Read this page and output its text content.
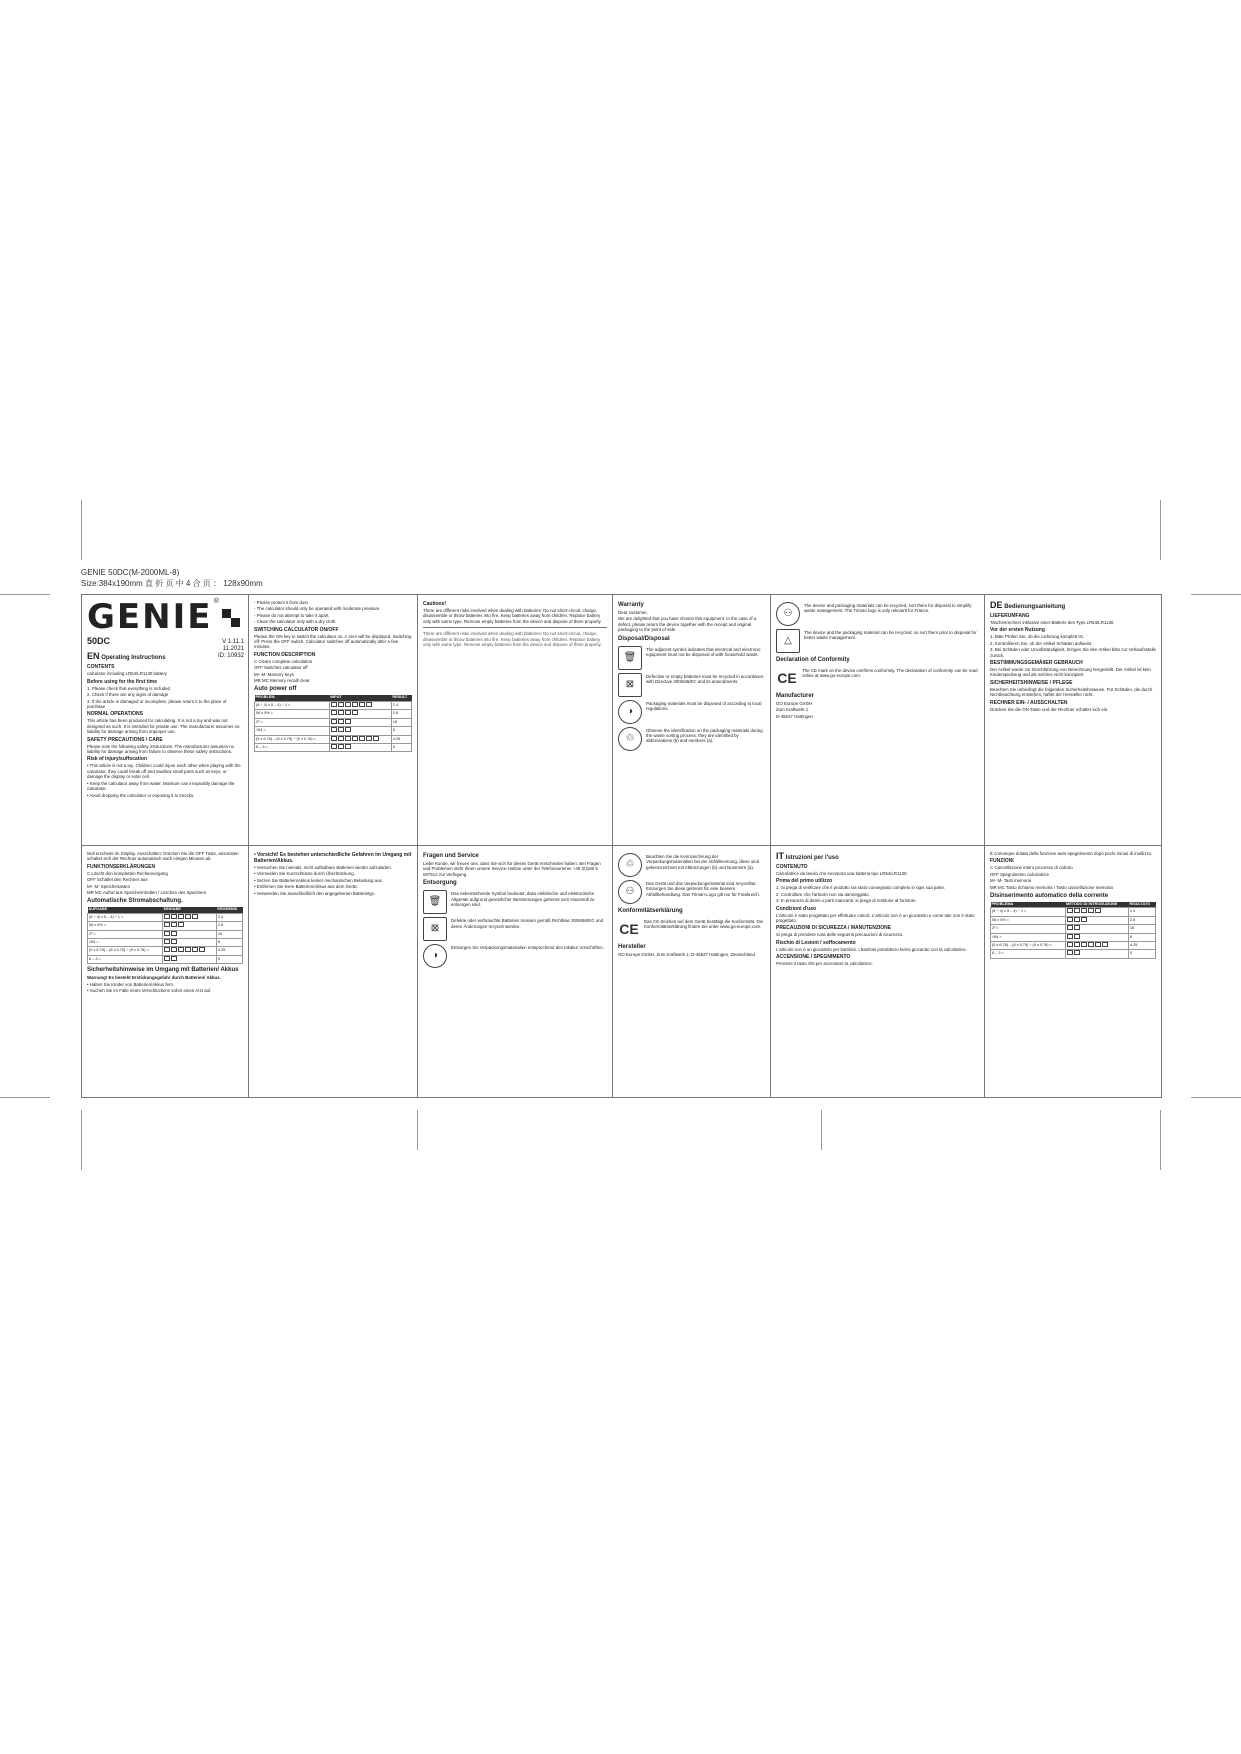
GENIE 50DC(M-2000ML-8)
Size:384x190mm 直 折 页 中 4 合 页 ： 128x90mm
GENIE ®
50DC	V 1.11.1
11.2021
ID: 10932
EN Operating Instructions
CONTENTS
calculator including LR54/LR1130 battery
Before using for the first time
1. Please check that everything is included
2. Check if there are any signs of damage
3. If the article is damaged or incomplete, please return it to the place of purchase
NORMAL OPERATIONS
This article has been produced for calculating. It is not a toy and was not designed as such. It is intended for private use. The manufacturer assumes no liability for damage arising from improper use.
SAFETY PRECAUTIONS / CARE
Please note the following safety instructions. The manufacturer assumes no liability for damage arising from failure to observe these safety instructions.
Risk of injury/suffocation
• This article is not a toy. Children could injure each other when playing with the calculator, they could break off and swallow small parts such as keys, or damage the display or solar cell.
• Keep the calculator away from water. Moisture can irreparably damage the calculator.
• Avoid dropping the calculator or exposing it to knocks.
- Please protect it from dust
- The calculator should only be operated with moderate pressure.
- Please do not attempt to take it apart.
- Clean the calculator only with a dry cloth.
SWITCHING CALCULATOR ON/OFF
Please the ON key to switch the calculator on. A zero will be displayed. Switching off: Press the OFF switch. Calculator switches off automatically after a few minutes.
FUNCTION DESCRIPTION
C Clears complete calculation
OFF Switches calculator off
M+ M- Memory keys
MR MC Memory recall/ clear
Auto power off
PROBLEM	INPUT	RESULT
(8 ÷ 4) x 5 – 4) ÷ 1 =		2.4
56 x 5% =		2.8
2² =		16
√64 =		8
(5 x 6.78) – (8 x 0.75) ÷ (9 x 0.78) =		4.25
8 – 3 =		5
Cautions!
There are different risks involved when dealing with batteries: Do not short-circuit, charge, disassemble or throw batteries into fire. Keep batteries away from children. Replace battery only with same type. Remove empty batteries from the device and dispose of them properly.
There are different risks involved when dealing with batteries: Do not short-circuit, charge, disassemble or throw batteries into fire. Keep batteries away from children. Replace battery only with same type. Remove empty batteries from the device and dispose of them properly.
Warranty
Dear customer,
We are delighted that you have chosen this equipment. In the case of a defect, please return the device together with the receipt and original packaging to the point of sale.
Disposal/Disposal
🗑
The adjacent symbol indicates that electrical and electronic equipment must not be disposed of with household waste.
⊠
Defective or empty batteries must be recycled in accordance with Directive 2006/66/EC and its amendments.
◑
Packaging materials must be disposed of according to local regulations.
♲
Observe the identification on the packaging materials during the waste sorting process, they are identified by abbreviations (b) and numbers (a).
⚇
The device and packaging materials can be recycled, sort them for disposal to simplify waste management. The Triman logo is only relevant for France.
△
The device and the packaging material can be recycled, so sort them prior to disposal for better waste management.
Declaration of Conformity
CE The CE mark on the device confirms conformity. The declaration of conformity can be read online at www.go-europe.com.
Manufacturer
GO Europe GmbH
Zum Kraftwerk 1
D-45527 Hattingen
DE Bedienungsanleitung
LIEFERUMFANG
Taschenrechner inklusive einer Batterie des Typs LR54/LR1130.
Vor der ersten Nutzung
1. Bitte Prüfen Sie, ob die Lieferung komplett ist.
2. Kontrollieren Sie, ob der Artikel Schäden aufweist.
3. Bei Schäden oder Unvollständigkeit, bringen Sie den Artikel bitte zur Verkaufsstelle zurück.
BESTIMMUNGSGEMÄßER GEBRAUCH
Der Artikel wurde zur Durchführung von Berechnung hergestellt. Der Artikel ist kein Kinderspielzeug und als solches nicht konzipiert.
SICHERHEITSHINWEISE / PFLEGE
Beachten Sie unbedingt die folgenden Sicherheitshinweise. Für Schäden, die durch Nichtbeachtung entstehen, haftet der Hersteller nicht.
RECHNER EIN- / AUSSCHALTEN
Drücken Sie die ON-Taste und der Rechner schaltet sich ein.
Null erscheint im Display. Ausschalten: Drücken Sie die OFF Taste, ansonsten schaltet sich der Rechner automatisch nach einigen Minuten ab.
FUNKTIONSERKLÄRUNGEN
C Löscht den kompletten Rechenvorgang
OFF Schaltet den Rechner aus
M+ M- Speichertasten
MR MC Aufruf aus Speicherinhalten / Löschen des Speichers
Automatische Stromabschaltung.
AUFGABE	EINGABE	ERGEBNIS
(8 ÷ 4) x 5 – 4) ÷ 1 =		2.4
56 x 5% =		2.8
2² =		16
√64 =		8
(5 x 6.78) – (8 x 0.75) ÷ (9 x 0.78) =		4.25
8 – 3 =		5
Sicherheitshinweise im Umgang mit Batterien/ Akkus
Warnung! Es besteht Erstickungsgefahr durch Batterien/ Akkus.
• Halten Sie Kinder von Batterien/Akkus fern.
• Suchen Sie im Falle eines Verschluckens sofort einen Arzt auf.
• Vorsicht! Es bestehen unterschiedliche Gefahren im Umgang mit Batterien/Akkus.
• Versuchen Sie niemals, nicht aufladbare Batterien wieder aufzuladen.
• Vermeiden Sie Kurzschlüsse durch Überbrückung.
• Setzen Sie Batterien/Akkus keiner mechanischen Belastung aus.
• Entfernen Sie leere Batterien/Akkus aus dem Gerät.
• Verwenden Sie ausschließlich den angegebenen Batterietyp.
Fragen und Service
Liebe Kunde, wir freuen uns, dass Sie sich für dieses Gerät entschieden haben. Bei Fragen und Problemen steht Ihnen unsere Service-Hotline unter der Telefonnummer +49 (0)180 5 007514 zur Verfügung.
Entsorgung
🗑
Das nebenstehende Symbol bedeutet, dass elektrische und elektronische Altgeräte aufgrund gesetzlicher Bestimmungen getrennt vom Hausmüll zu entsorgen sind.
⊠
Defekte oder verbrauchte Batterien müssen gemäß Richtlinie 2006/66/EG und deren Änderungen recycelt werden.
◑
Entsorgen Sie Verpackungsmaterialien entsprechend den lokalen Vorschriften.
♲
Beachten Sie die Kennzeichnung der Verpackungsmaterialien bei der Abfalltrennung, diese sind gekennzeichnet mit Abkürzungen (b) und Nummern (a).
⚇
Das Gerät und das Verpackungsmaterial sind recycelbar. Entsorgen Sie diese getrennt für eine bessere Abfallbehandlung. Das Triman-Logo gilt nur für Frankreich.
Konformitätserklärung
CE Das CE-Zeichen auf dem Gerät bestätigt die Konformität. Die Konformitätserklärung finden Sie unter www.go-europe.com.
Hersteller
GO Europe GmbH, Zum Kraftwerk 1, D-45527 Hattingen, Deutschland
IT Istruzioni per l'uso
CONTENUTO
Calcolatrice da tavolo che incorpora una batteria tipo LR54/LR1130.
Prima del primo utilizzo
1. Si prega di verificare che il prodotto sia stato consegnato completo in ogni sua parte.
2. Controllare che l'articolo non sia danneggiato.
3. In presenza di danni o parti mancanti, si prega di restituire al fornitore.
Condizioni d'uso
L'articolo è stato progettato per effettuare calcoli. L'articolo non è un giocattolo e come tale non è stato progettato.
PRECAUZIONI DI SICUREZZA / MANUTENZIONE
Si prega di prendere nota delle seguenti precauzioni di sicurezza.
Rischio di Lesioni / soffocamento
L'articolo non è un giocattolo per bambini. I bambini potrebbero ferirsi giocando con la calcolatrice.
ACCENSIONE / SPEGNIMENTO
Premere il tasto ON per accendere la calcolatrice.
È comunque dotata della funzione auto-spegnimento dopo pochi minuti di inutilizzo.
FUNZIONI
C Cancellazione intero processo di calcolo
OFF Spegnimento calcolatrice
M+ M- Tasti memoria
MR MC Tasto richiamo memoria / Tasto cancellazione memoria
Disinserimento automatico della corrente
PROBLEMA	METODO DI INTRODUZIONE	RISULTATO
(8 ÷ 4) x 5 – 4) ÷ 1 =		2.4
56 x 5% =		2.8
2² =		16
√64 =		8
(5 x 6.78) – (8 x 0.75) ÷ (9 x 0.78) =		4.25
8 – 3 =		5
